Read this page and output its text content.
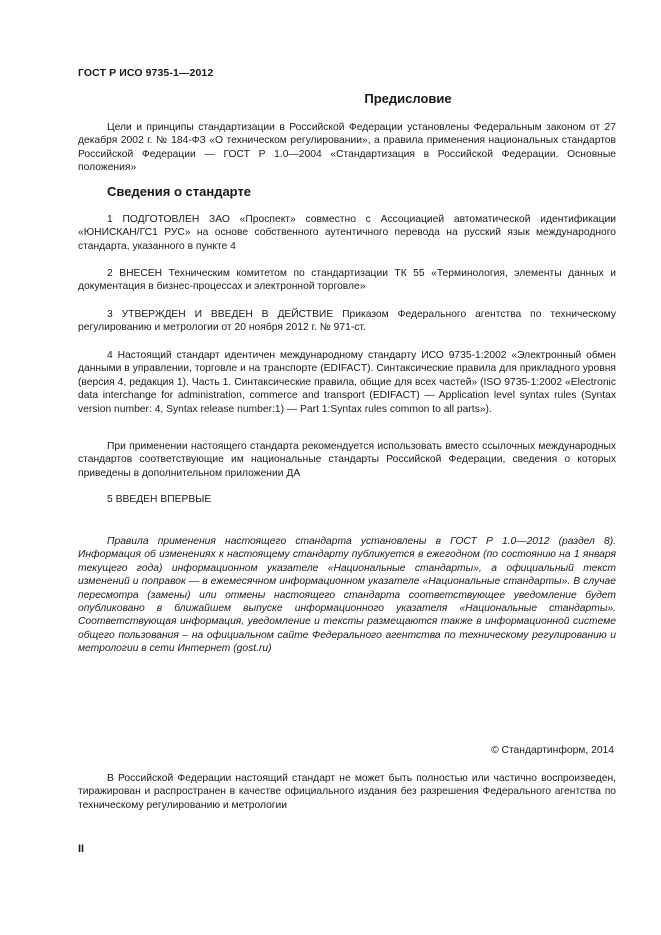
ГОСТ Р ИСО 9735-1—2012
Предисловие

Цели и принципы стандартизации в Российской Федерации установлены Федеральным законом от 27 декабря 2002 г. № 184-ФЗ «О техническом регулировании», а правила применения национальных стандартов Российской Федерации — ГОСТ Р 1.0—2004 «Стандартизация в Российской Федерации. Основные положения»

Сведения о стандарте

1 ПОДГОТОВЛЕН ЗАО «Проспект» совместно с Ассоциацией автоматической идентификации «ЮНИСКАН/ГС1 РУС» на основе собственного аутентичного перевода на русский язык международного стандарта, указанного в пункте 4

2 ВНЕСЕН Техническим комитетом по стандартизации ТК 55 «Терминология, элементы данных и документация в бизнес-процессах и электронной торговле»

3 УТВЕРЖДЕН И ВВЕДЕН В ДЕЙСТВИЕ Приказом Федерального агентства по техническому регулированию и метрологии от 20 ноября 2012 г. № 971-ст.

4 Настоящий стандарт идентичен международному стандарту ИСО 9735-1:2002 «Электронный обмен данными в управлении, торговле и на транспорте (EDIFACT). Синтаксические правила для прикладного уровня (версия 4, редакция 1). Часть 1. Синтаксические правила, общие для всех частей» (ISO 9735-1:2002 «Electronic data interchange for administration, commerce and transport (EDIFACT) — Application level syntax rules (Syntax version number: 4, Syntax release number:1) — Part 1:Syntax rules common to all parts»).

При применении настоящего стандарта рекомендуется использовать вместо ссылочных международных стандартов соответствующие им национальные стандарты Российской Федерации, сведения о которых приведены в дополнительном приложении ДА

5 ВВЕДЕН ВПЕРВЫЕ

Правила применения настоящего стандарта установлены в ГОСТ Р 1.0—2012 (раздел 8). Информация об изменениях к настоящему стандарту публикуется в ежегодном (по состоянию на 1 января текущего года) информационном указателе «Национальные стандарты», а официальный текст изменений и поправок — в ежемесячном информационном указателе «Национальные стандарты». В случае пересмотра (замены) или отмены настоящего стандарта соответствующее уведомление будет опубликовано в ближайшем выпуске информационного указателя «Национальные стандарты». Соответствующая информация, уведомление и тексты размещаются также в информационной системе общего пользования – на официальном сайте Федерального агентства по техническому регулированию и метрологии в сети Интернет (gost.ru)

© Стандартинформ, 2014

В Российской Федерации настоящий стандарт не может быть полностью или частично воспроизведен, тиражирован и распространен в качестве официального издания без разрешения Федерального агентства по техническому регулированию и метрологии

II
